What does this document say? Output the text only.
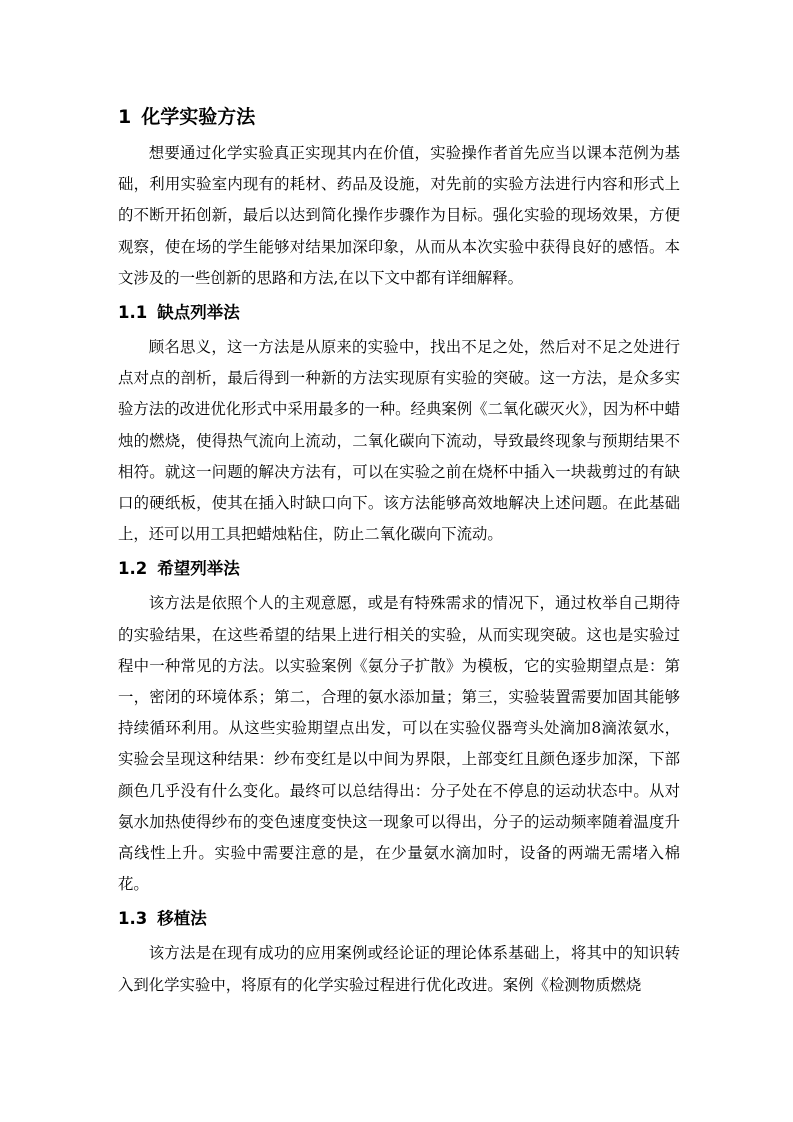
1 化学实验方法

想要通过化学实验真正实现其内在价值，实验操作者首先应当以课本范例为基础，利用实验室内现有的耗材、药品及设施，对先前的实验方法进行内容和形式上的不断开拓创新，最后以达到简化操作步骤作为目标。强化实验的现场效果，方便观察，使在场的学生能够对结果加深印象，从而从本次实验中获得良好的感悟。本文涉及的一些创新的思路和方法,在以下文中都有详细解释。

1.1 缺点列举法

顾名思义，这一方法是从原来的实验中，找出不足之处，然后对不足之处进行点对点的剖析，最后得到一种新的方法实现原有实验的突破。这一方法，是众多实验方法的改进优化形式中采用最多的一种。经典案例《二氧化碳灭火》，因为杯中蜡烛的燃烧，使得热气流向上流动，二氧化碳向下流动，导致最终现象与预期结果不相符。就这一问题的解决方法有，可以在实验之前在烧杯中插入一块裁剪过的有缺口的硬纸板，使其在插入时缺口向下。该方法能够高效地解决上述问题。在此基础上，还可以用工具把蜡烛粘住，防止二氧化碳向下流动。

1.2 希望列举法

该方法是依照个人的主观意愿，或是有特殊需求的情况下，通过枚举自己期待的实验结果，在这些希望的结果上进行相关的实验，从而实现突破。这也是实验过程中一种常见的方法。以实验案例《氨分子扩散》为模板，它的实验期望点是：第一，密闭的环境体系；第二，合理的氨水添加量；第三，实验装置需要加固其能够持续循环利用。从这些实验期望点出发，可以在实验仪器弯头处滴加8滴浓氨水，实验会呈现这种结果：纱布变红是以中间为界限，上部变红且颜色逐步加深，下部颜色几乎没有什么变化。最终可以总结得出：分子处在不停息的运动状态中。从对氨水加热使得纱布的变色速度变快这一现象可以得出，分子的运动频率随着温度升高线性上升。实验中需要注意的是，在少量氨水滴加时，设备的两端无需堵入棉花。

1.3 移植法

该方法是在现有成功的应用案例或经论证的理论体系基础上，将其中的知识转入到化学实验中，将原有的化学实验过程进行优化改进。案例《检测物质燃烧
